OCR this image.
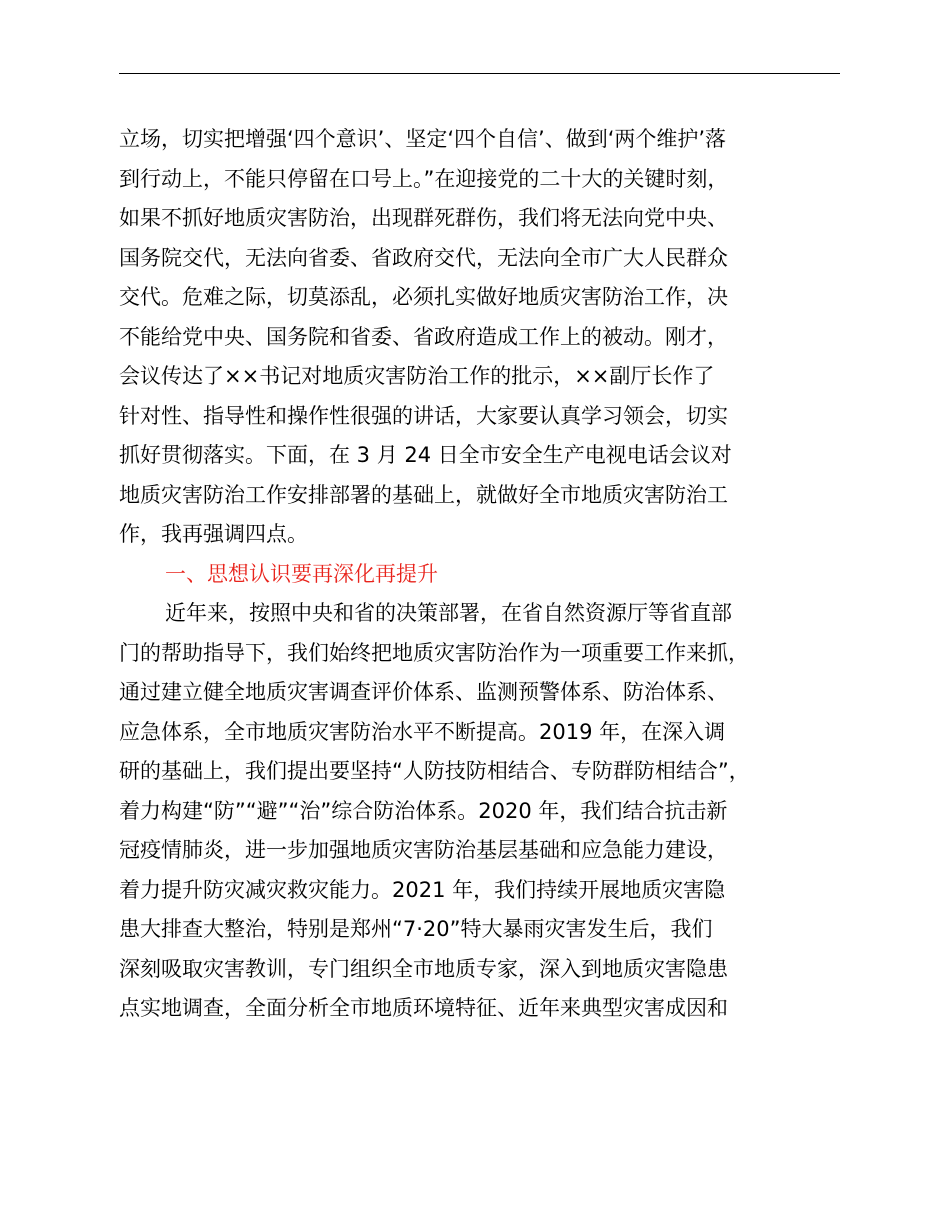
立场，切实把增强‘四个意识’、坚定‘四个自信’、做到‘两个维护’落
到行动上，不能只停留在口号上。”在迎接党的二十大的关键时刻，
如果不抓好地质灾害防治，出现群死群伤，我们将无法向党中央、
国务院交代，无法向省委、省政府交代，无法向全市广大人民群众
交代。危难之际，切莫添乱，必须扎实做好地质灾害防治工作，决
不能给党中央、国务院和省委、省政府造成工作上的被动。刚才，
会议传达了××书记对地质灾害防治工作的批示，××副厅长作了
针对性、指导性和操作性很强的讲话，大家要认真学习领会，切实
抓好贯彻落实。下面，在 3 月 24 日全市安全生产电视电话会议对
地质灾害防治工作安排部署的基础上，就做好全市地质灾害防治工
作，我再强调四点。
一、思想认识要再深化再提升
近年来，按照中央和省的决策部署，在省自然资源厅等省直部
门的帮助指导下，我们始终把地质灾害防治作为一项重要工作来抓，
通过建立健全地质灾害调查评价体系、监测预警体系、防治体系、
应急体系，全市地质灾害防治水平不断提高。2019 年，在深入调
研的基础上，我们提出要坚持“人防技防相结合、专防群防相结合”，
着力构建“防”“避”“治”综合防治体系。2020 年，我们结合抗击新
冠疫情肺炎，进一步加强地质灾害防治基层基础和应急能力建设，
着力提升防灾减灾救灾能力。2021 年，我们持续开展地质灾害隐
患大排查大整治，特别是郑州“7·20”特大暴雨灾害发生后，我们
深刻吸取灾害教训，专门组织全市地质专家，深入到地质灾害隐患
点实地调查，全面分析全市地质环境特征、近年来典型灾害成因和
